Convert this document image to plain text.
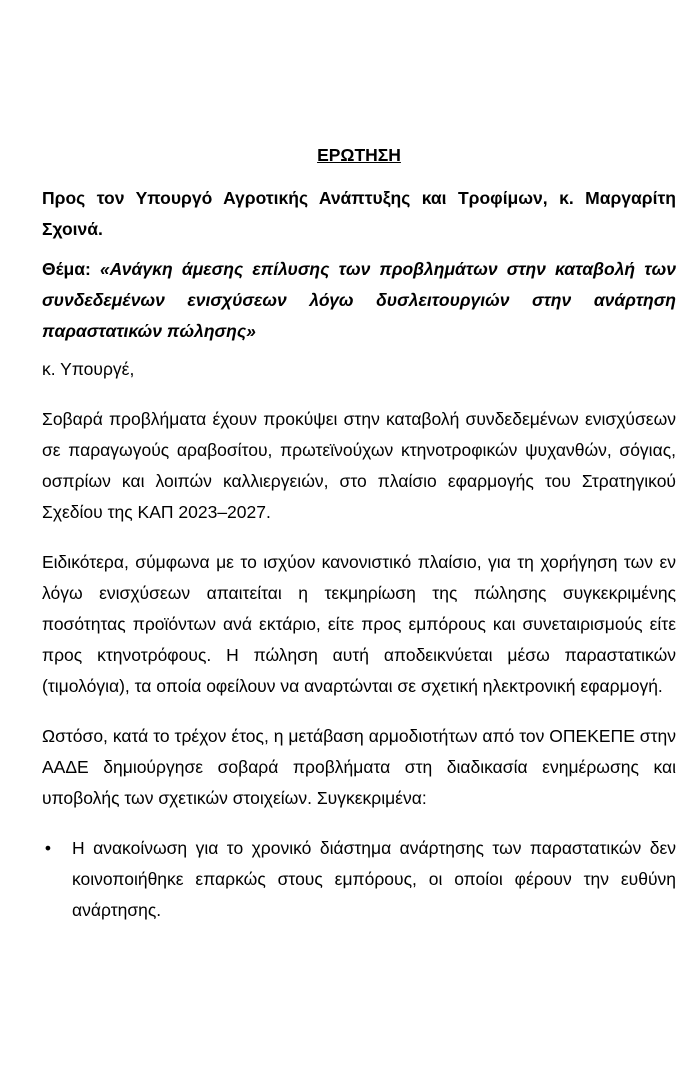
ΕΡΩΤΗΣΗ

Προς τον Υπουργό Αγροτικής Ανάπτυξης και Τροφίμων, κ. Μαργαρίτη Σχοινά.

Θέμα: «Ανάγκη άμεσης επίλυσης των προβλημάτων στην καταβολή των συνδεδεμένων ενισχύσεων λόγω δυσλειτουργιών στην ανάρτηση παραστατικών πώλησης»

κ. Υπουργέ,

Σοβαρά προβλήματα έχουν προκύψει στην καταβολή συνδεδεμένων ενισχύσεων σε παραγωγούς αραβοσίτου, πρωτεϊνούχων κτηνοτροφικών ψυχανθών, σόγιας, οσπρίων και λοιπών καλλιεργειών, στο πλαίσιο εφαρμογής του Στρατηγικού Σχεδίου της ΚΑΠ 2023–2027.

Ειδικότερα, σύμφωνα με το ισχύον κανονιστικό πλαίσιο, για τη χορήγηση των εν λόγω ενισχύσεων απαιτείται η τεκμηρίωση της πώλησης συγκεκριμένης ποσότητας προϊόντων ανά εκτάριο, είτε προς εμπόρους και συνεταιρισμούς είτε προς κτηνοτρόφους. Η πώληση αυτή αποδεικνύεται μέσω παραστατικών (τιμολόγια), τα οποία οφείλουν να αναρτώνται σε σχετική ηλεκτρονική εφαρμογή.

Ωστόσο, κατά το τρέχον έτος, η μετάβαση αρμοδιοτήτων από τον ΟΠΕΚΕΠΕ στην ΑΑΔΕ δημιούργησε σοβαρά προβλήματα στη διαδικασία ενημέρωσης και υποβολής των σχετικών στοιχείων. Συγκεκριμένα:

• Η ανακοίνωση για το χρονικό διάστημα ανάρτησης των παραστατικών δεν κοινοποιήθηκε επαρκώς στους εμπόρους, οι οποίοι φέρουν την ευθύνη ανάρτησης.
